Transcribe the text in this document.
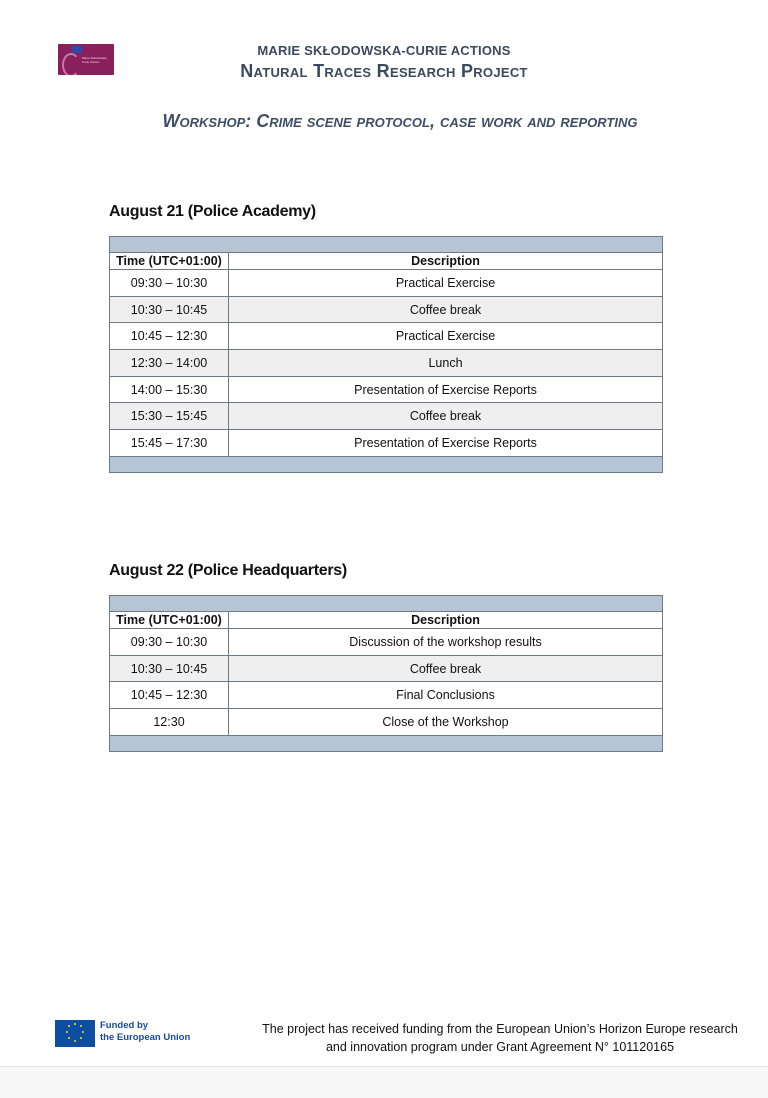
Marie Skłodowska-Curie Actions
MARIE SKŁODOWSKA-CURIE ACTIONS
Natural Traces Research Project
Workshop: Crime scene protocol, case work and reporting
August 21 (Police Academy)

Time (UTC+01:00)	Description
09:30 – 10:30	Practical Exercise
10:30 – 10:45	Coffee break
10:45 – 12:30	Practical Exercise
12:30 – 14:00	Lunch
14:00 – 15:30	Presentation of Exercise Reports
15:30 – 15:45	Coffee break
15:45 – 17:30	Presentation of Exercise Reports

August 22 (Police Headquarters)

Time (UTC+01:00)	Description
09:30 – 10:30	Discussion of the workshop results
10:30 – 10:45	Coffee break
10:45 – 12:30	Final Conclusions
12:30	Close of the Workshop

Funded by
the European Union
The project has received funding from the European Union’s Horizon Europe research
and innovation program under Grant Agreement N° 101120165
